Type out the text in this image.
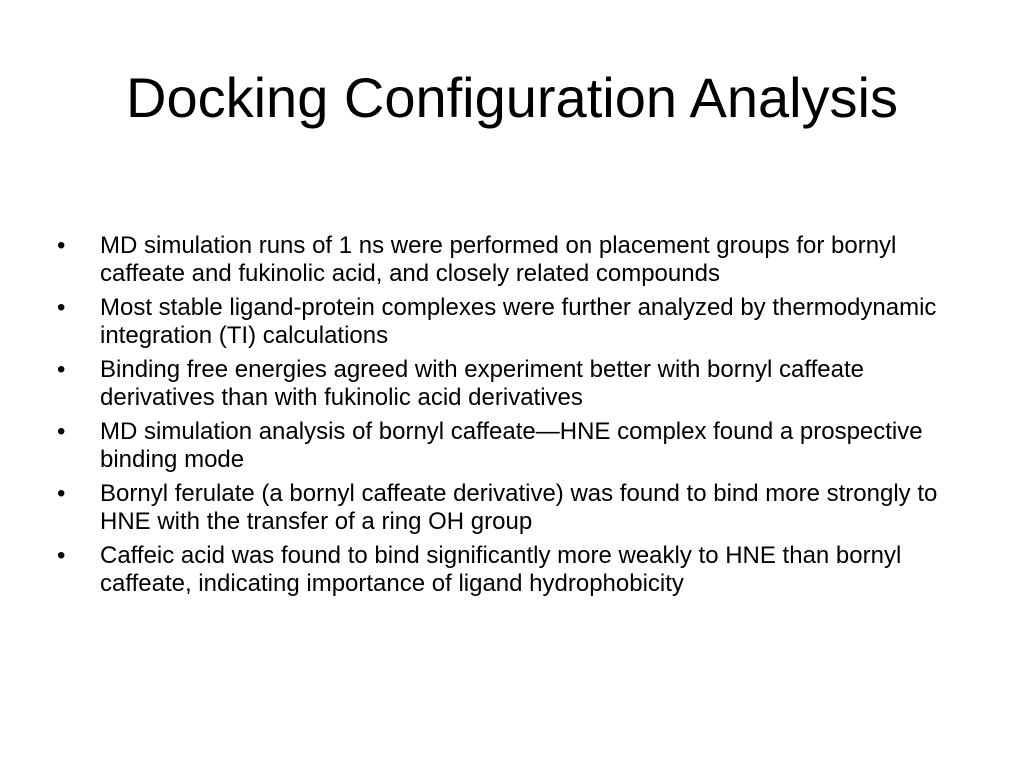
Docking Configuration Analysis
•	MD simulation runs of 1 ns were performed on placement groups for bornyl caffeate and fukinolic acid, and closely related compounds
•	Most stable ligand-protein complexes were further analyzed by thermodynamic integration (TI) calculations
•	Binding free energies agreed with experiment better with bornyl caffeate derivatives than with fukinolic acid derivatives
•	MD simulation analysis of bornyl caffeate—HNE complex found a prospective binding mode
•	Bornyl ferulate (a bornyl caffeate derivative) was found to bind more strongly to HNE with the transfer of a ring OH group
•	Caffeic acid was found to bind significantly more weakly to HNE than bornyl caffeate, indicating importance of ligand hydrophobicity
